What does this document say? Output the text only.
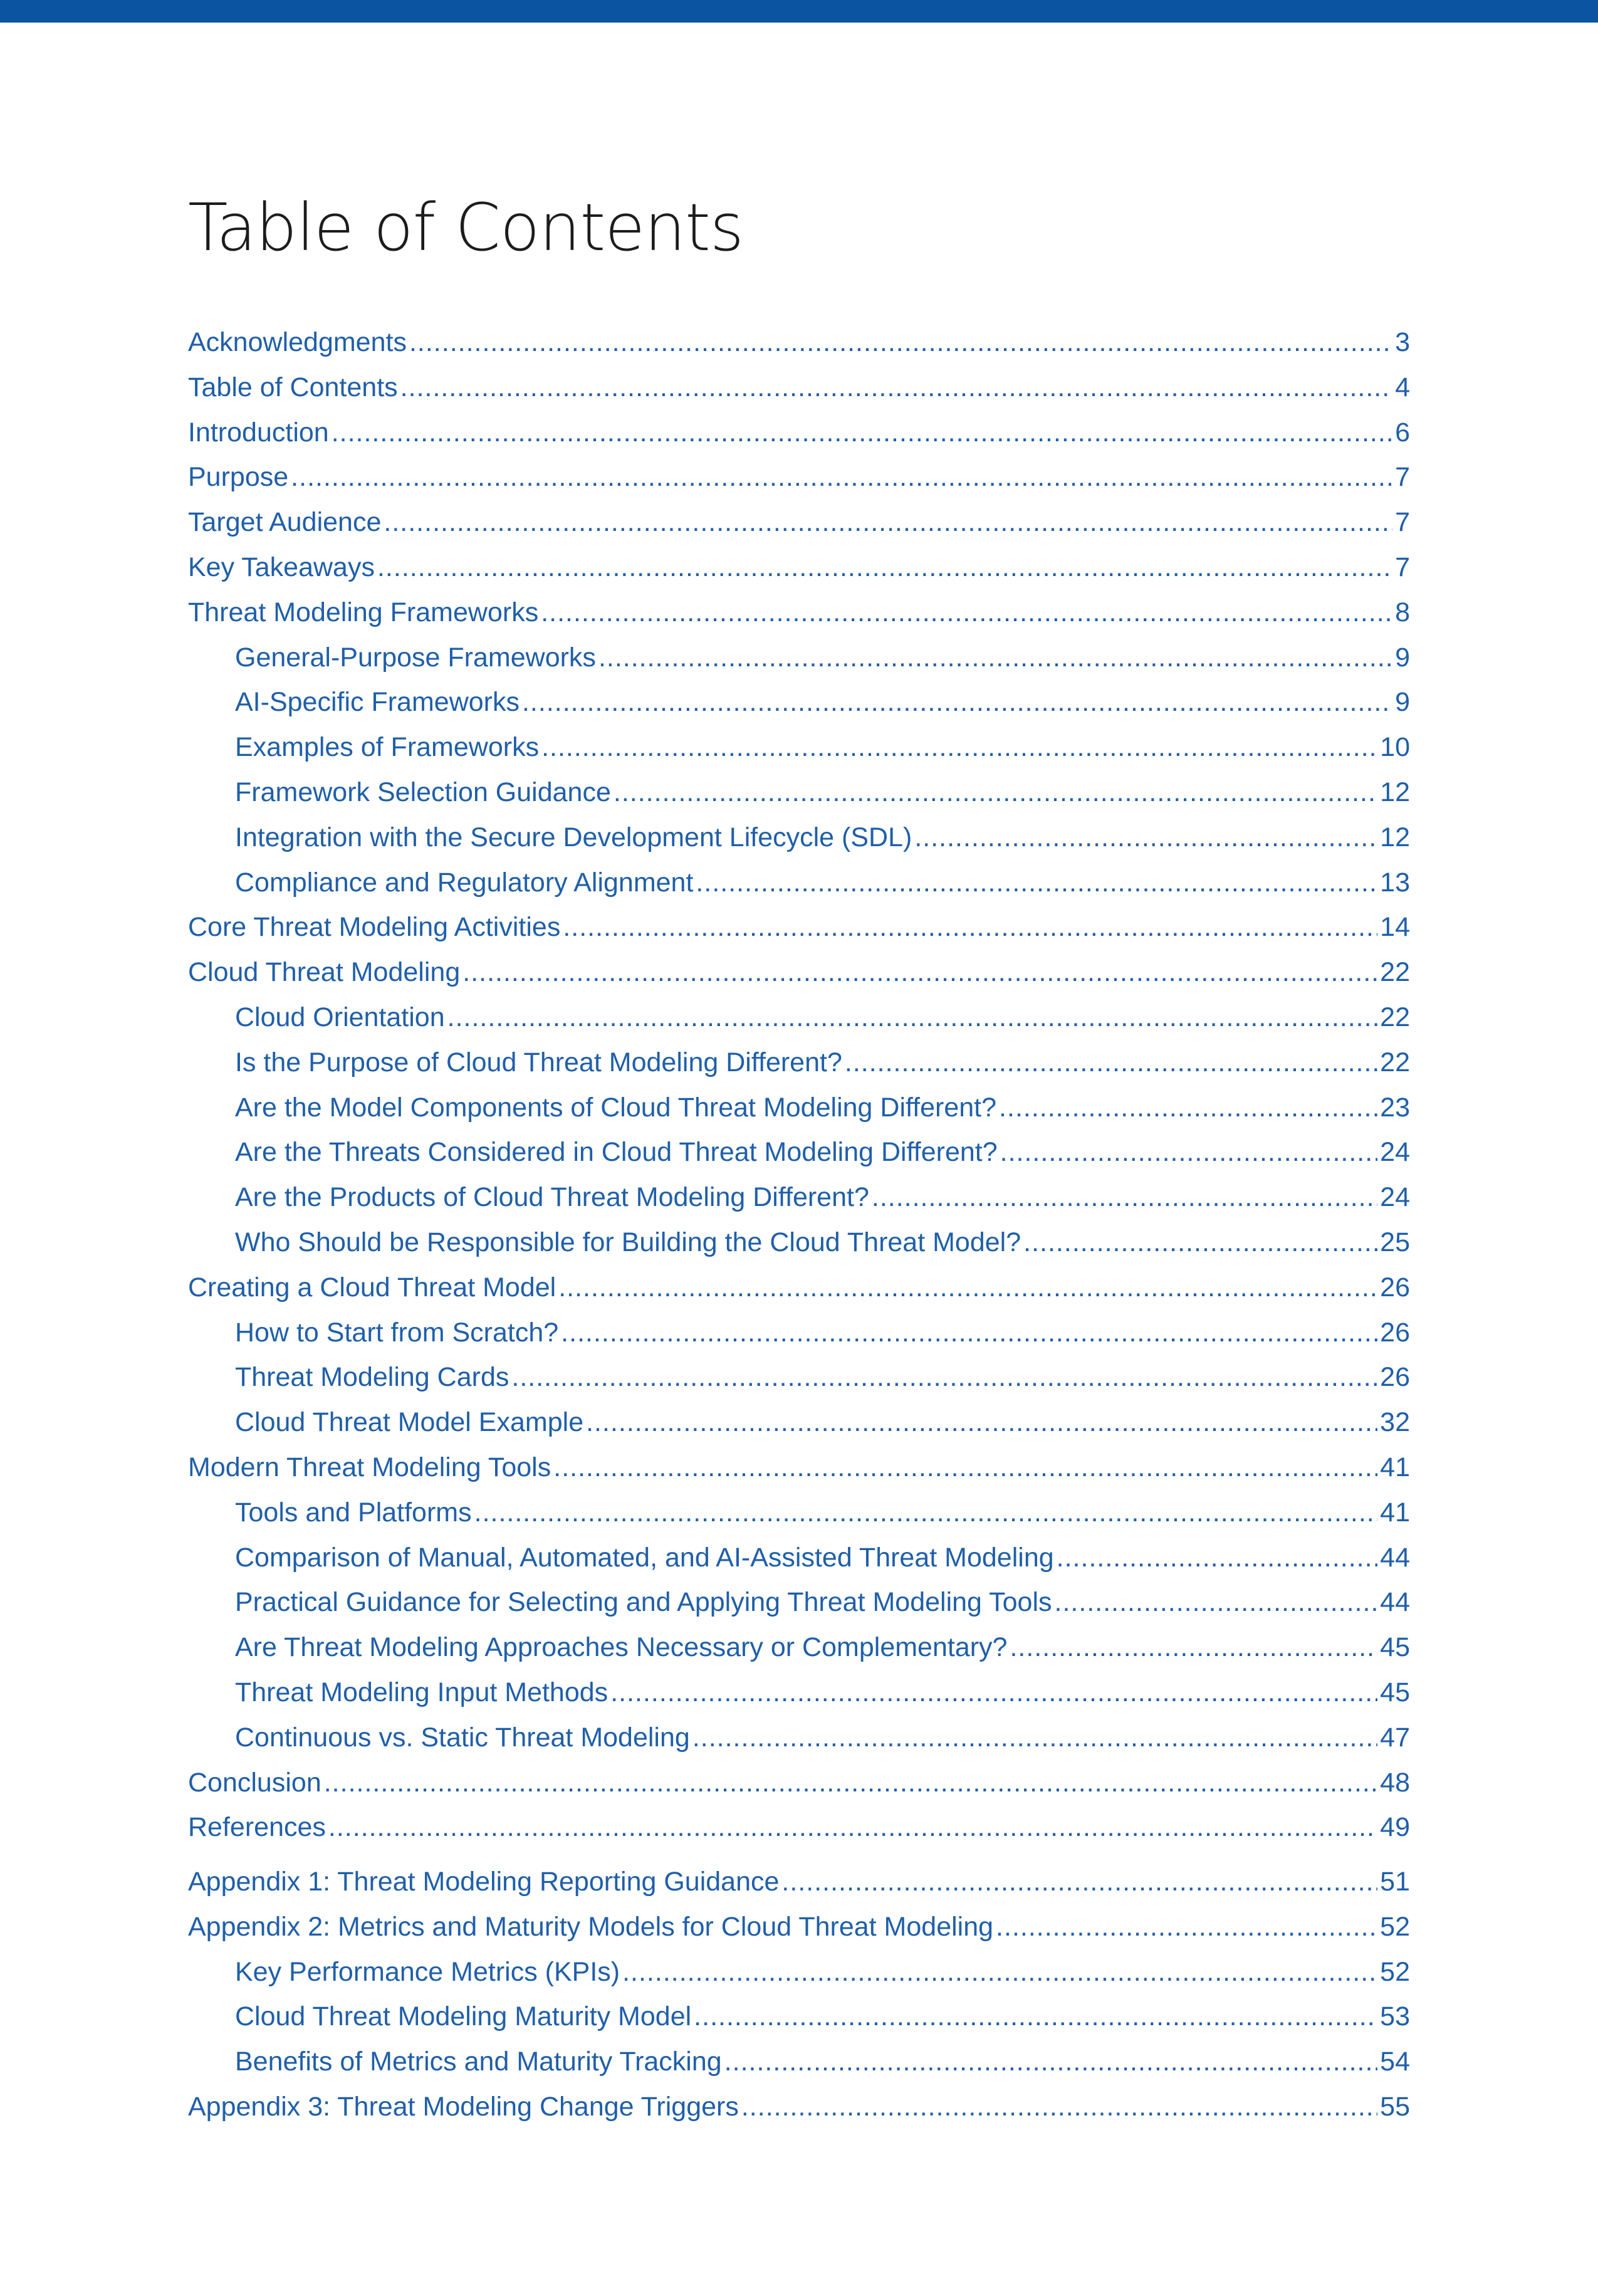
Table of Contents
Acknowledgments .....	3
Table of Contents .....	4
Introduction .....	6
Purpose .....	7
Target Audience .....	7
Key Takeaways .....	7
Threat Modeling Frameworks .....	8
General-Purpose Frameworks .....	9
AI-Specific Frameworks .....	9
Examples of Frameworks .....	10
Framework Selection Guidance .....	12
Integration with the Secure Development Lifecycle (SDL) .....	12
Compliance and Regulatory Alignment .....	13
Core Threat Modeling Activities .....	14
Cloud Threat Modeling .....	22
Cloud Orientation .....	22
Is the Purpose of Cloud Threat Modeling Different? .....	22
Are the Model Components of Cloud Threat Modeling Different? .....	23
Are the Threats Considered in Cloud Threat Modeling Different? .....	24
Are the Products of Cloud Threat Modeling Different? .....	24
Who Should be Responsible for Building the Cloud Threat Model? .....	25
Creating a Cloud Threat Model .....	26
How to Start from Scratch? .....	26
Threat Modeling Cards .....	26
Cloud Threat Model Example .....	32
Modern Threat Modeling Tools .....	41
Tools and Platforms .....	41
Comparison of Manual, Automated, and AI-Assisted Threat Modeling .....	44
Practical Guidance for Selecting and Applying Threat Modeling Tools .....	44
Are Threat Modeling Approaches Necessary or Complementary? .....	45
Threat Modeling Input Methods .....	45
Continuous vs. Static Threat Modeling .....	47
Conclusion .....	48
References .....	49
Appendix 1: Threat Modeling Reporting Guidance .....	51
Appendix 2: Metrics and Maturity Models for Cloud Threat Modeling .....	52
Key Performance Metrics (KPIs) .....	52
Cloud Threat Modeling Maturity Model .....	53
Benefits of Metrics and Maturity Tracking .....	54
Appendix 3: Threat Modeling Change Triggers .....	55
